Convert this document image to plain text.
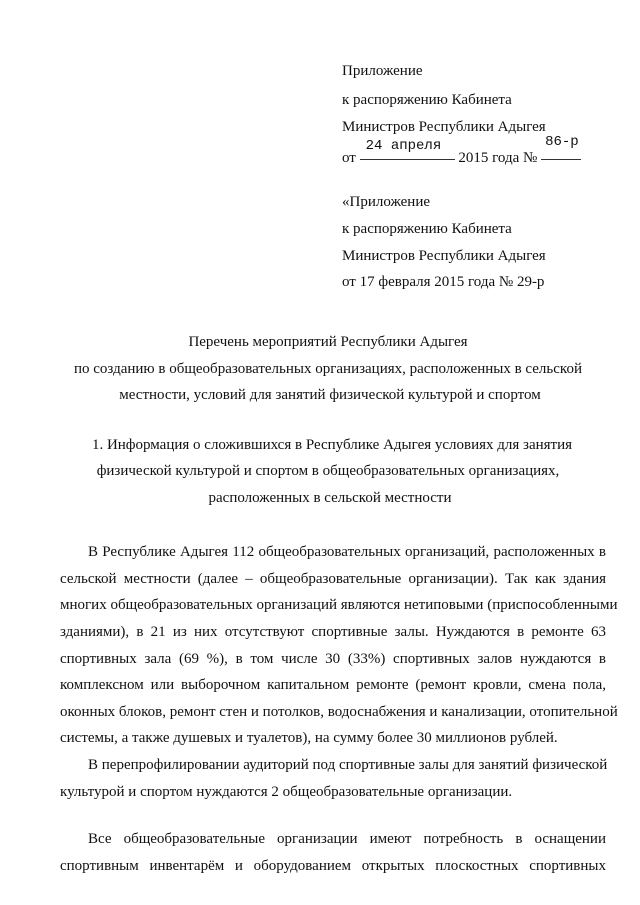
Приложение
к распоряжению Кабинета
Министров Республики Адыгея
от
24 апреля
2015 года №
86-р
«Приложение
к распоряжению Кабинета
Министров Республики Адыгея
от 17 февраля 2015 года № 29-р
Перечень мероприятий Республики Адыгея
по созданию в общеобразовательных организациях, расположенных в сельской
местности, условий для занятий физической культурой и спортом
1. Информация о сложившихся в Республике Адыгея условиях для занятия
физической культурой и спортом в общеобразовательных организациях,
расположенных в сельской местности
В Республике Адыгея 112 общеобразовательных организаций, расположенных в
сельской местности (далее – общеобразовательные организации). Так как здания
многих общеобразовательных организаций являются нетиповыми (приспособленными
зданиями), в 21 из них отсутствуют спортивные залы. Нуждаются в ремонте 63
спортивных зала (69 %), в том числе 30 (33%) спортивных залов нуждаются в
комплексном или выборочном капитальном ремонте (ремонт кровли, смена пола,
оконных блоков, ремонт стен и потолков, водоснабжения и канализации, отопительной
системы, а также душевых и туалетов), на сумму более 30 миллионов рублей.
В перепрофилировании аудиторий под спортивные залы для занятий физической
культурой и спортом нуждаются 2 общеобразовательные организации.
Все общеобразовательные организации имеют потребность в оснащении
спортивным инвентарём и оборудованием открытых плоскостных спортивных
